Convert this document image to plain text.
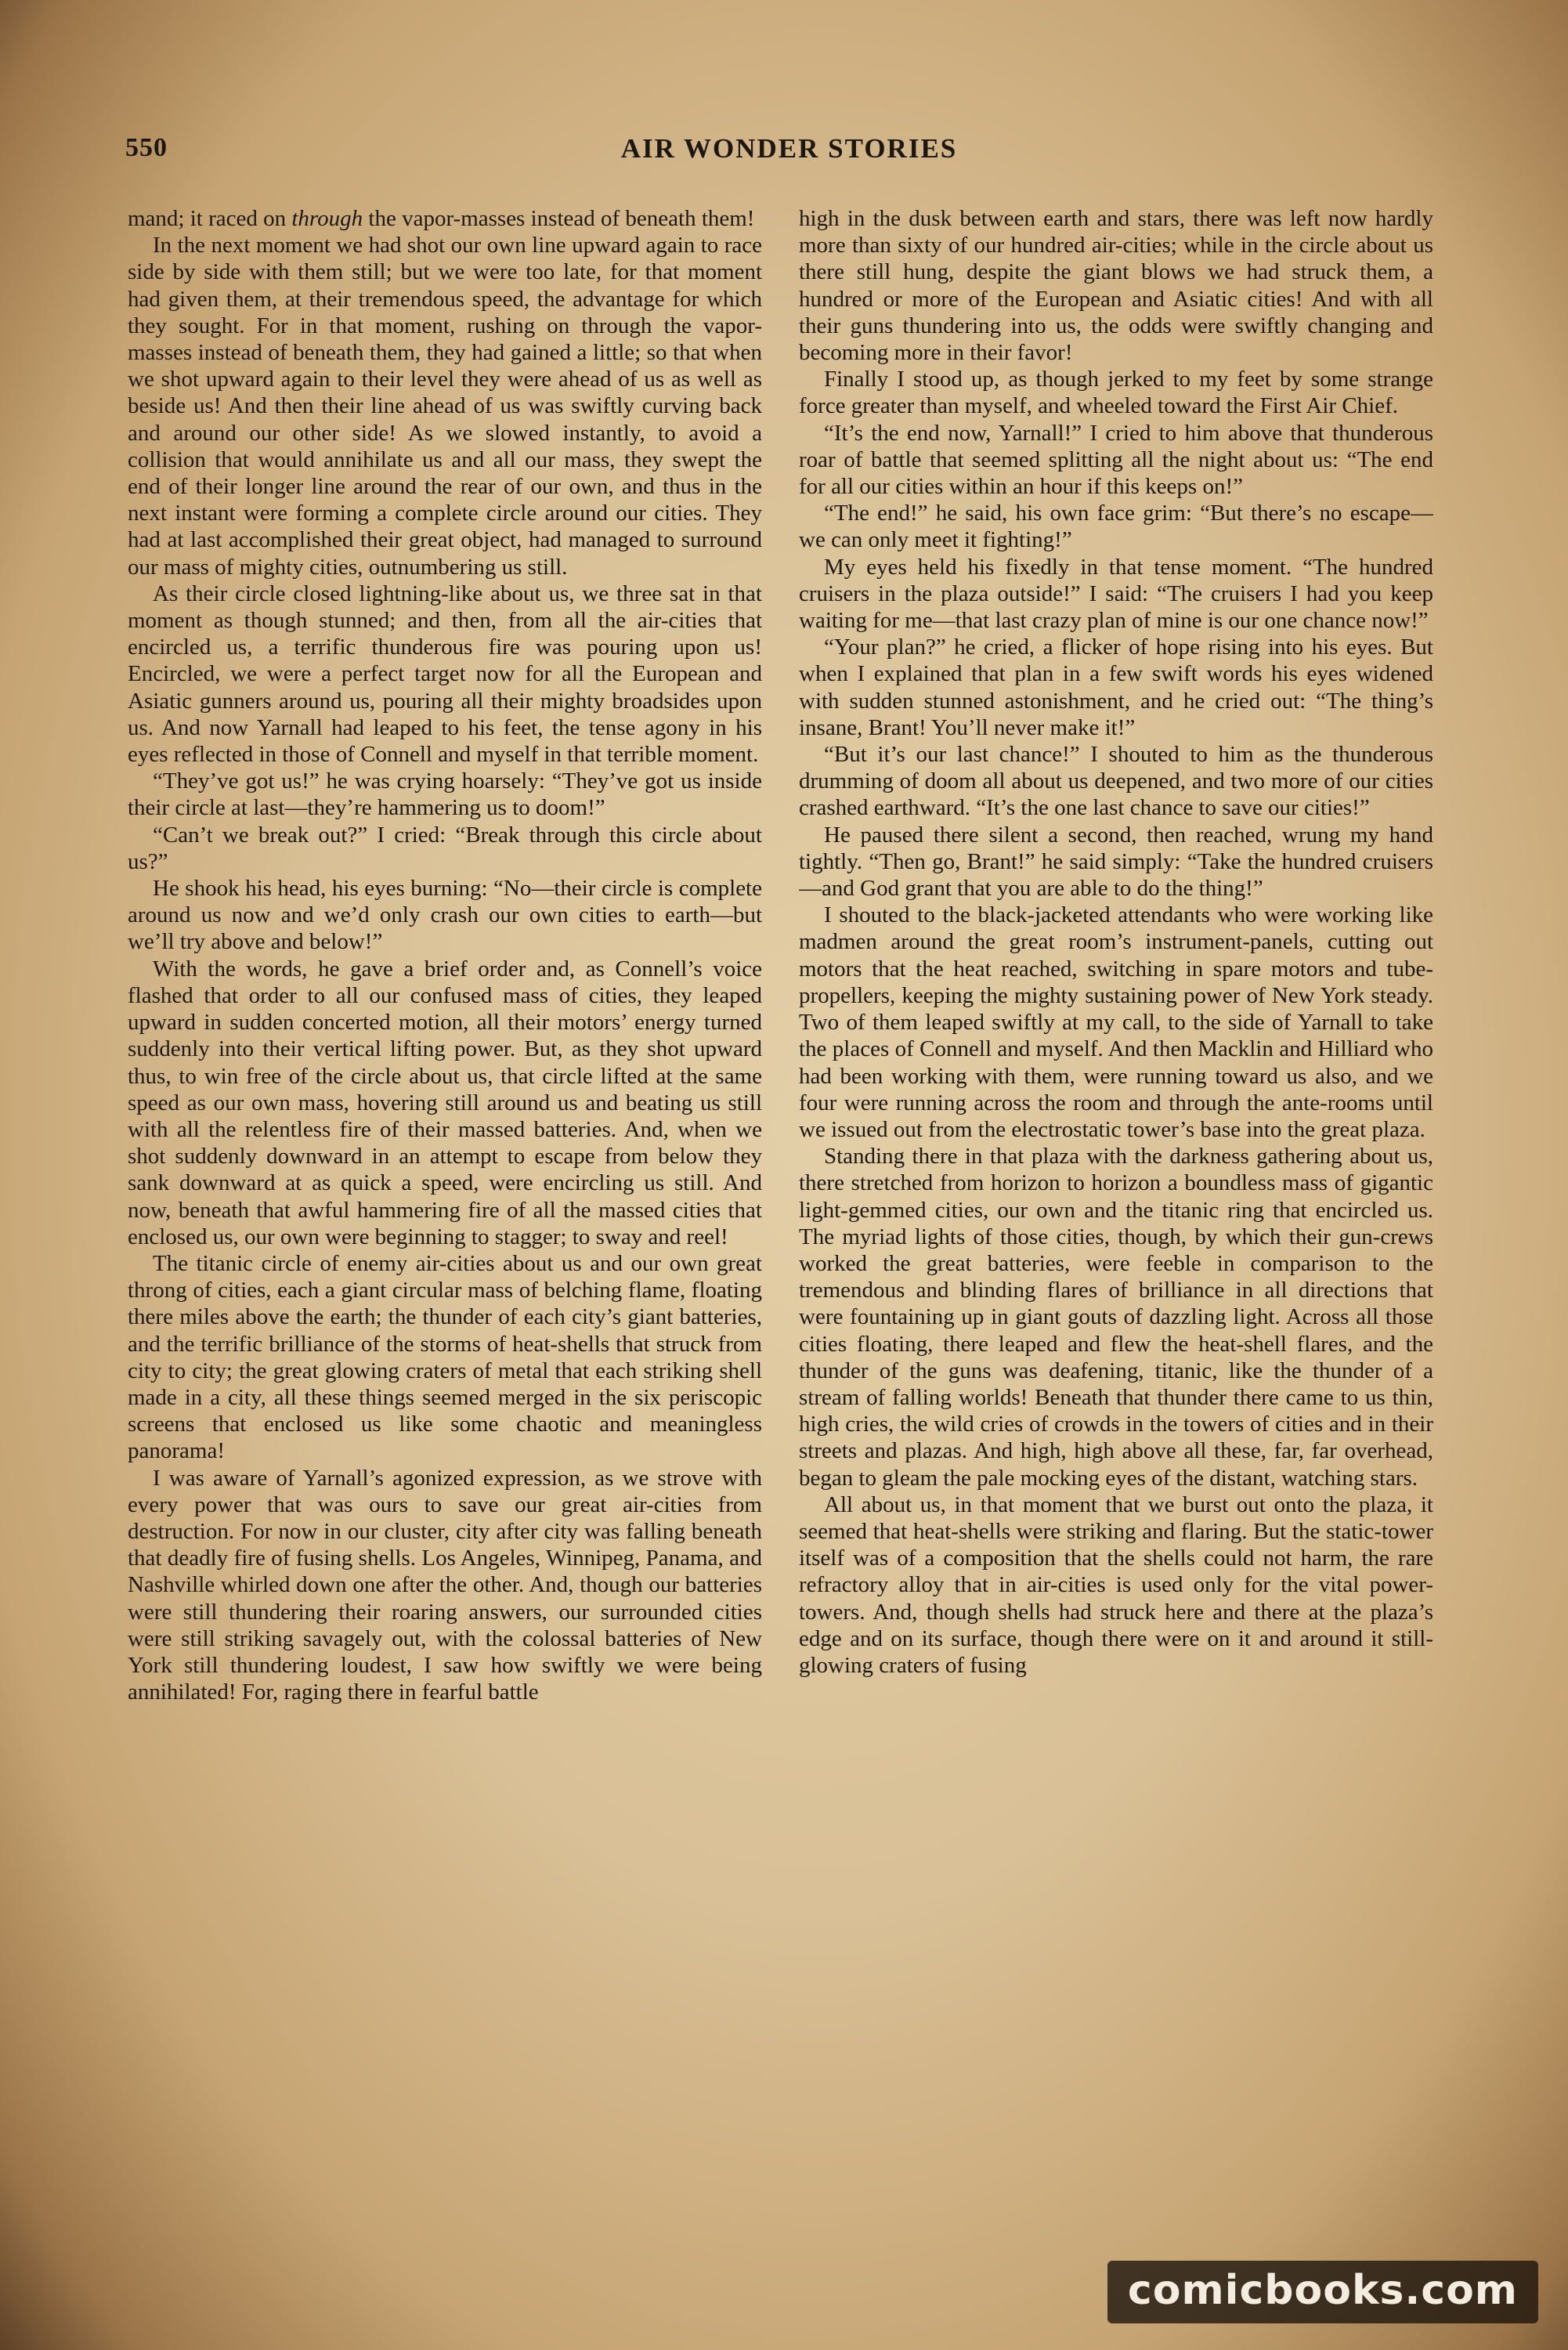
550	AIR WONDER STORIES

mand; it raced on through the vapor-masses instead of beneath them!

In the next moment we had shot our own line upward again to race side by side with them still; but we were too late, for that moment had given them, at their tremendous speed, the advantage for which they sought. For in that moment, rushing on through the vapor-masses instead of beneath them, they had gained a little; so that when we shot upward again to their level they were ahead of us as well as beside us! And then their line ahead of us was swiftly curving back and around our other side! As we slowed instantly, to avoid a collision that would annihilate us and all our mass, they swept the end of their longer line around the rear of our own, and thus in the next instant were forming a complete circle around our cities. They had at last accomplished their great object, had managed to surround our mass of mighty cities, outnumbering us still.

As their circle closed lightning-like about us, we three sat in that moment as though stunned; and then, from all the air-cities that encircled us, a terrific thunderous fire was pouring upon us! Encircled, we were a perfect target now for all the European and Asiatic gunners around us, pouring all their mighty broadsides upon us. And now Yarnall had leaped to his feet, the tense agony in his eyes reflected in those of Connell and myself in that terrible moment.

“They’ve got us!” he was crying hoarsely: “They’ve got us inside their circle at last—they’re hammering us to doom!”

“Can’t we break out?” I cried: “Break through this circle about us?”

He shook his head, his eyes burning: “No—their circle is complete around us now and we’d only crash our own cities to earth—but we’ll try above and below!”

With the words, he gave a brief order and, as Connell’s voice flashed that order to all our confused mass of cities, they leaped upward in sudden concerted motion, all their motors’ energy turned suddenly into their vertical lifting power. But, as they shot upward thus, to win free of the circle about us, that circle lifted at the same speed as our own mass, hovering still around us and beating us still with all the relentless fire of their massed batteries. And, when we shot suddenly downward in an attempt to escape from below they sank downward at as quick a speed, were encircling us still. And now, beneath that awful hammering fire of all the massed cities that enclosed us, our own were beginning to stagger; to sway and reel!

The titanic circle of enemy air-cities about us and our own great throng of cities, each a giant circular mass of belching flame, floating there miles above the earth; the thunder of each city’s giant batteries, and the terrific brilliance of the storms of heat-shells that struck from city to city; the great glowing craters of metal that each striking shell made in a city, all these things seemed merged in the six periscopic screens that enclosed us like some chaotic and meaningless panorama!

I was aware of Yarnall’s agonized expression, as we strove with every power that was ours to save our great air-cities from destruction. For now in our cluster, city after city was falling beneath that deadly fire of fusing shells. Los Angeles, Winnipeg, Panama, and Nashville whirled down one after the other. And, though our batteries were still thundering their roaring answers, our surrounded cities were still striking savagely out, with the colossal batteries of New York still thundering loudest, I saw how swiftly we were being annihilated! For, raging there in fearful battle

high in the dusk between earth and stars, there was left now hardly more than sixty of our hundred air-cities; while in the circle about us there still hung, despite the giant blows we had struck them, a hundred or more of the European and Asiatic cities! And with all their guns thundering into us, the odds were swiftly changing and becoming more in their favor!

Finally I stood up, as though jerked to my feet by some strange force greater than myself, and wheeled toward the First Air Chief.

“It’s the end now, Yarnall!” I cried to him above that thunderous roar of battle that seemed splitting all the night about us: “The end for all our cities within an hour if this keeps on!”

“The end!” he said, his own face grim: “But there’s no escape—we can only meet it fighting!”

My eyes held his fixedly in that tense moment. “The hundred cruisers in the plaza outside!” I said: “The cruisers I had you keep waiting for me—that last crazy plan of mine is our one chance now!”

“Your plan?” he cried, a flicker of hope rising into his eyes. But when I explained that plan in a few swift words his eyes widened with sudden stunned astonishment, and he cried out: “The thing’s insane, Brant! You’ll never make it!”

“But it’s our last chance!” I shouted to him as the thunderous drumming of doom all about us deepened, and two more of our cities crashed earthward. “It’s the one last chance to save our cities!”

He paused there silent a second, then reached, wrung my hand tightly. “Then go, Brant!” he said simply: “Take the hundred cruisers—and God grant that you are able to do the thing!”

I shouted to the black-jacketed attendants who were working like madmen around the great room’s instrument-panels, cutting out motors that the heat reached, switching in spare motors and tube-propellers, keeping the mighty sustaining power of New York steady. Two of them leaped swiftly at my call, to the side of Yarnall to take the places of Connell and myself. And then Macklin and Hilliard who had been working with them, were running toward us also, and we four were running across the room and through the ante-rooms until we issued out from the electrostatic tower’s base into the great plaza.

Standing there in that plaza with the darkness gathering about us, there stretched from horizon to horizon a boundless mass of gigantic light-gemmed cities, our own and the titanic ring that encircled us. The myriad lights of those cities, though, by which their gun-crews worked the great batteries, were feeble in comparison to the tremendous and blinding flares of brilliance in all directions that were fountaining up in giant gouts of dazzling light. Across all those cities floating, there leaped and flew the heat-shell flares, and the thunder of the guns was deafening, titanic, like the thunder of a stream of falling worlds! Beneath that thunder there came to us thin, high cries, the wild cries of crowds in the towers of cities and in their streets and plazas. And high, high above all these, far, far overhead, began to gleam the pale mocking eyes of the distant, watching stars.

All about us, in that moment that we burst out onto the plaza, it seemed that heat-shells were striking and flaring. But the static-tower itself was of a composition that the shells could not harm, the rare refractory alloy that in air-cities is used only for the vital power-towers. And, though shells had struck here and there at the plaza’s edge and on its surface, though there were on it and around it still-glowing craters of fusing

comicbooks.com
